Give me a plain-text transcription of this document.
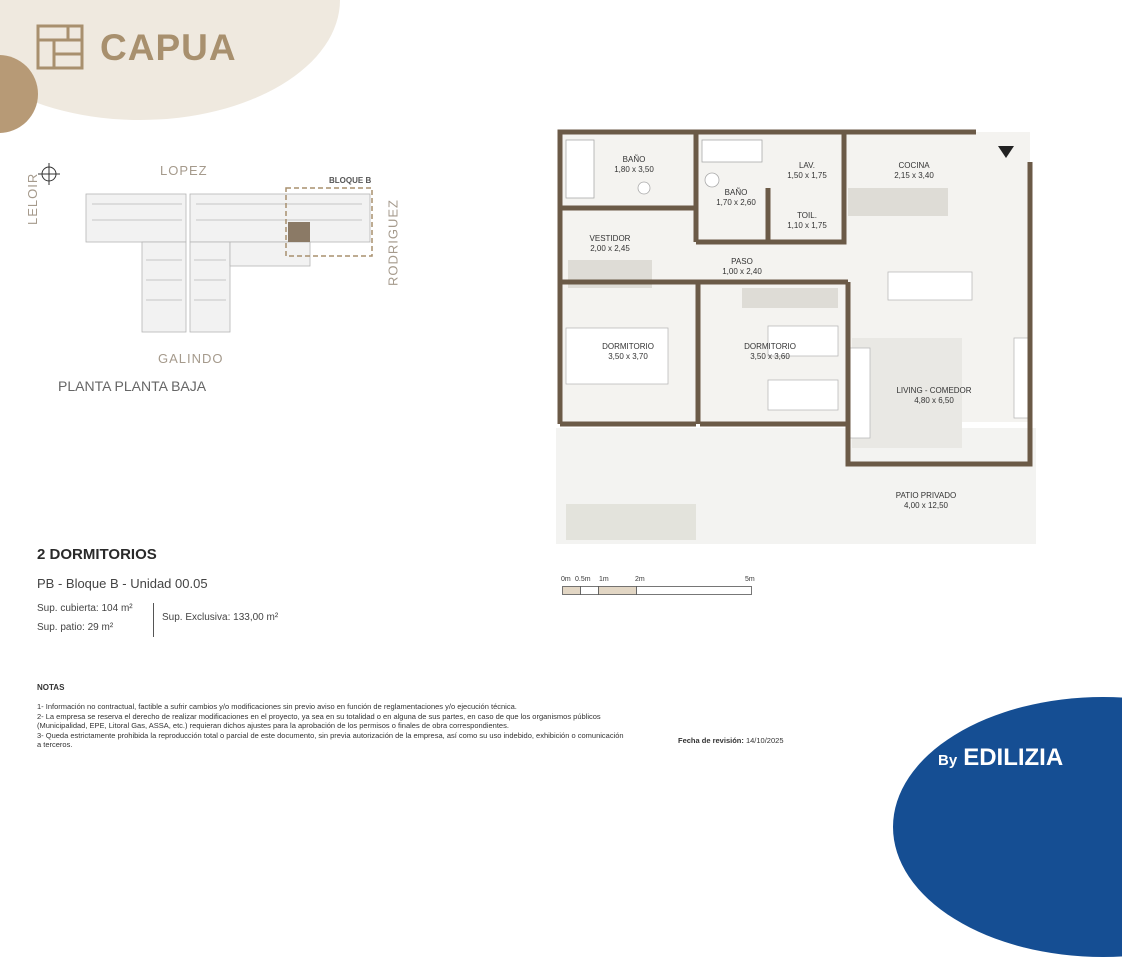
CAPUA
LOPEZ
LELOIR
RODRIGUEZ
GALINDO
BLOQUE B
PLANTA PLANTA BAJA
BAÑO
1,80 x 3,50
BAÑO
1,70 x 2,60
LAV.
1,50 x 1,75
COCINA
2,15 x 3,40
TOIL.
1,10 x 1,75
VESTIDOR
2,00 x 2,45
PASO
1,00 x 2,40
DORMITORIO
3,50 x 3,70
DORMITORIO
3,50 x 3,60
LIVING - COMEDOR
4,80 x 6,50
PATIO PRIVADO
4,00 x 12,50
2 DORMITORIOS
PB - Bloque B - Unidad 00.05
Sup. cubierta: 104 m²
Sup. patio: 29 m²
Sup. Exclusiva: 133,00 m²
0m 0.5m 1m	2m	5m
NOTAS
1- Información no contractual, factible a sufrir cambios y/o modificaciones sin previo aviso en función de reglamentaciones y/o ejecución técnica.
2- La empresa se reserva el derecho de realizar modificaciones en el proyecto, ya sea en su totalidad o en alguna de sus partes, en caso de que los organismos públicos (Municipalidad, EPE, Litoral Gas, ASSA, etc.) requieran dichos ajustes para la aprobación de los permisos o finales de obra correspondientes.
3- Queda estrictamente prohibida la reproducción total o parcial de este documento, sin previa autorización de la empresa, así como su uso indebido, exhibición o comunicación a terceros.	Fecha de revisión: 14/10/2025
By EDILIZIA
